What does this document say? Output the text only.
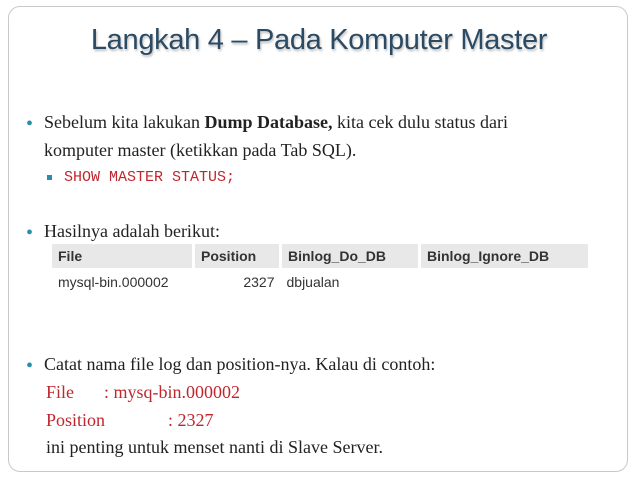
Langkah 4 – Pada Komputer Master
• Sebelum kita lakukan Dump Database, kita cek dulu status dari
komputer master (ketikkan pada Tab SQL).
SHOW MASTER STATUS;
• Hasilnya adalah berikut:
File	Position	Binlog_Do_DB	Binlog_Ignore_DB
mysql-bin.000002	2327	dbjualan	
• Catat nama file log dan position-nya. Kalau di contoh:
File : mysq-bin.000002
Position	: 2327
ini penting untuk menset nanti di Slave Server.
